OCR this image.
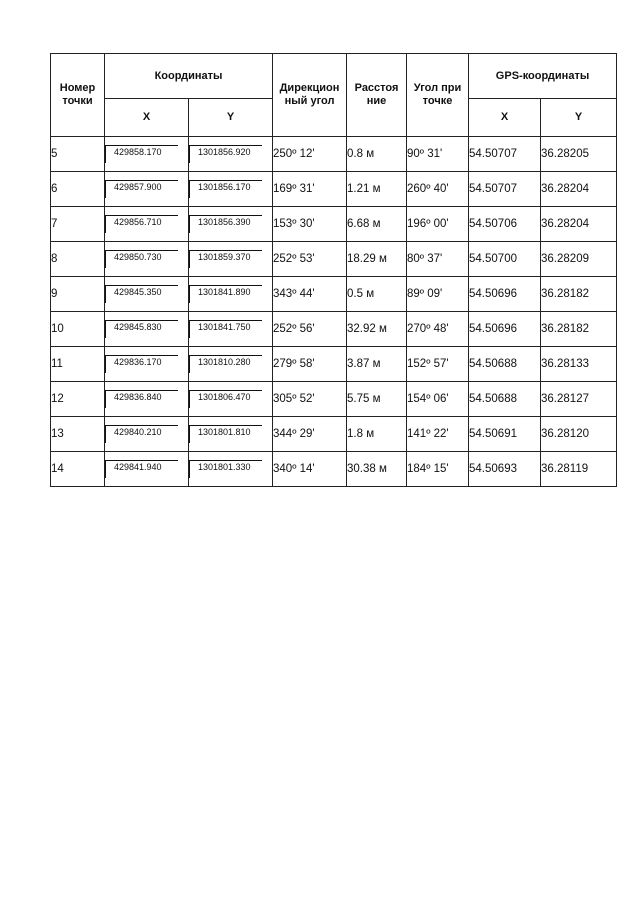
Номер точки	Координаты		Дирекцион ный угол	Расстоя ние	Угол при точке	GPS-координаты	
	X	Y				X	Y
5	429858.170	1301856.920	250º 12'	0.8 м	90º 31'	54.50707	36.28205
6	429857.900	1301856.170	169º 31'	1.21 м	260º 40'	54.50707	36.28204
7	429856.710	1301856.390	153º 30'	6.68 м	196º 00'	54.50706	36.28204
8	429850.730	1301859.370	252º 53'	18.29 м	80º 37'	54.50700	36.28209
9	429845.350	1301841.890	343º 44'	0.5 м	89º 09'	54.50696	36.28182
10	429845.830	1301841.750	252º 56'	32.92 м	270º 48'	54.50696	36.28182
11	429836.170	1301810.280	279º 58'	3.87 м	152º 57'	54.50688	36.28133
12	429836.840	1301806.470	305º 52'	5.75 м	154º 06'	54.50688	36.28127
13	429840.210	1301801.810	344º 29'	1.8 м	141º 22'	54.50691	36.28120
14	429841.940	1301801.330	340º 14'	30.38 м	184º 15'	54.50693	36.28119
